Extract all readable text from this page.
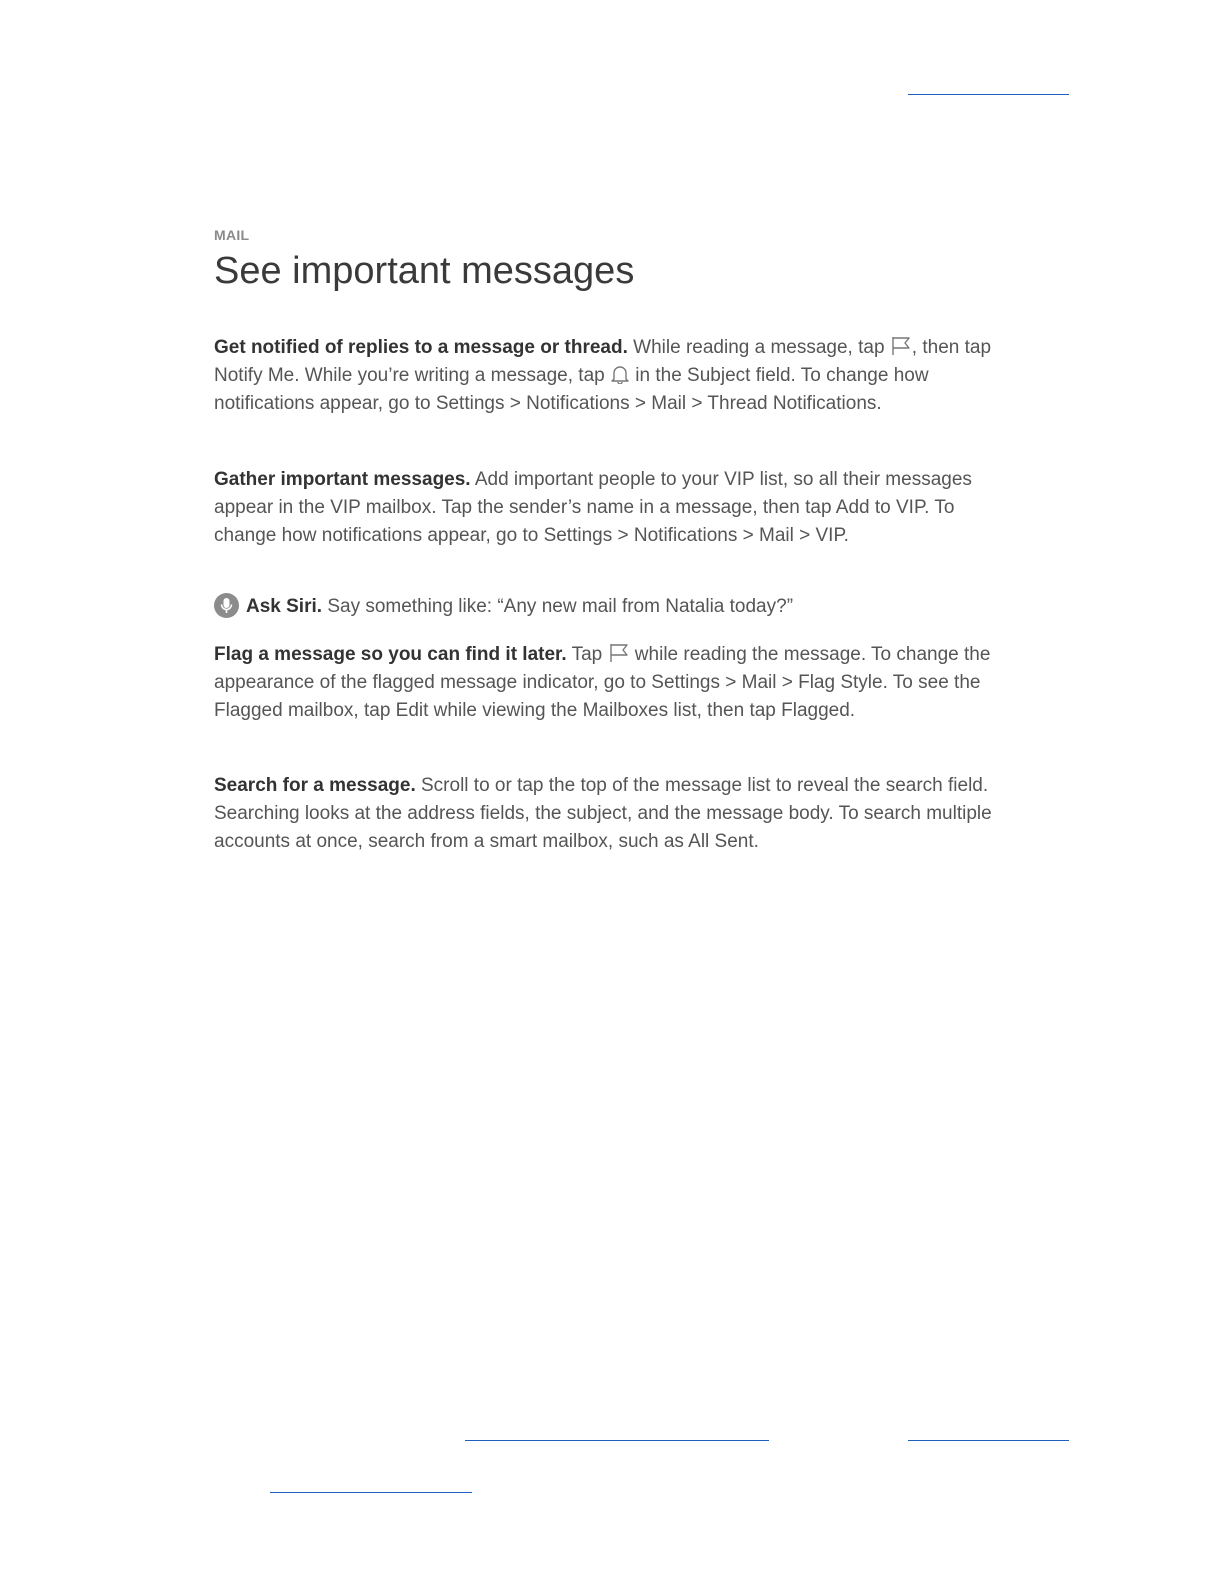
MAIL
See important messages

Get notified of replies to a message or thread. While reading a message, tap
, then tap Notify Me. While you’re writing a message, tap
in the Subject field. To change how notifications appear, go to Settings > Notifications > Mail > Thread Notifications.

Gather important messages. Add important people to your VIP list, so all their messages appear in the VIP mailbox. Tap the sender’s name in a message, then tap Add to VIP. To change how notifications appear, go to Settings > Notifications > Mail > VIP.

Ask Siri. Say something like: “Any new mail from Natalia today?”

Flag a message so you can find it later. Tap
while reading the message. To change the appearance of the flagged message indicator, go to Settings > Mail > Flag Style. To see the Flagged mailbox, tap Edit while viewing the Mailboxes list, then tap Flagged.

Search for a message. Scroll to or tap the top of the message list to reveal the search field. Searching looks at the address fields, the subject, and the message body. To search multiple accounts at once, search from a smart mailbox, such as All Sent.
